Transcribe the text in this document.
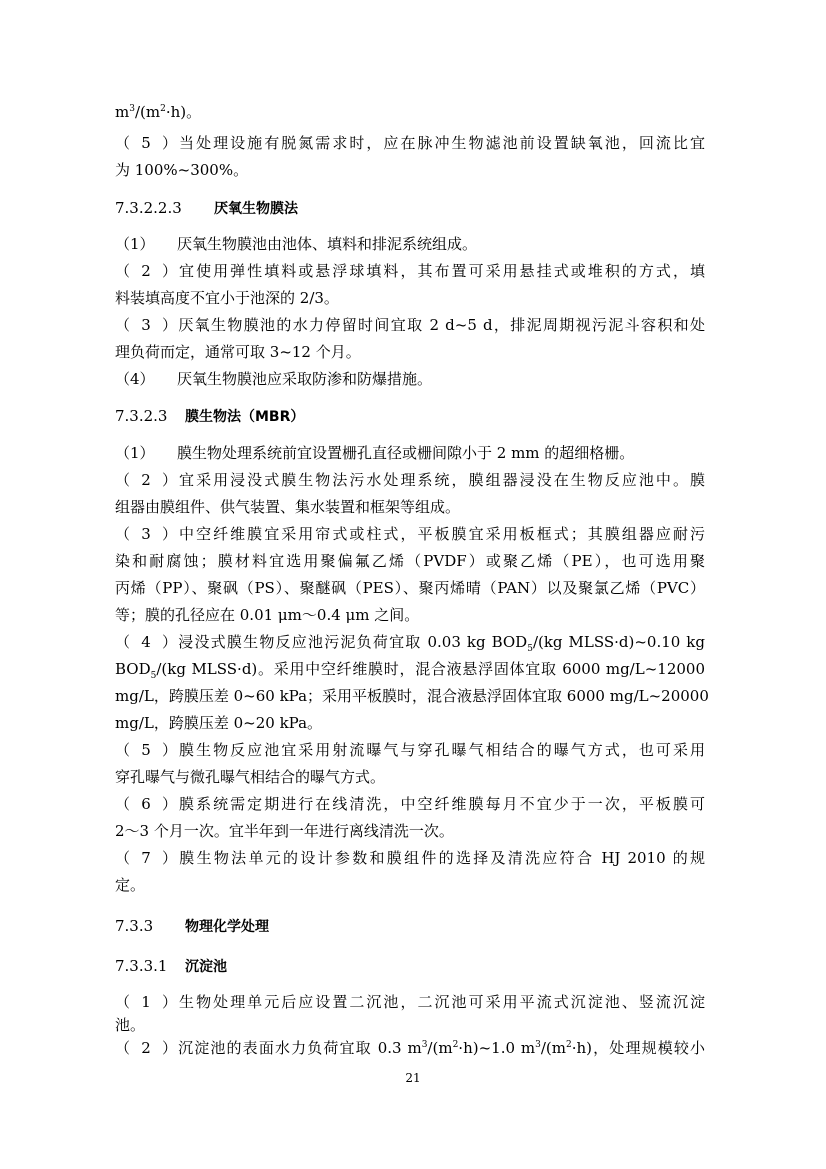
$m^3/(m^2\cdot h)$。
（5）当处理设施有脱氮需求时，应在脉冲生物滤池前设置缺氧池，回流比宜
为 100%~300%。
7.3.2.2.3 厌氧生物膜法
（1） 厌氧生物膜池由池体、填料和排泥系统组成。
（2）宜使用弹性填料或悬浮球填料，其布置可采用悬挂式或堆积的方式，填
料装填高度不宜小于池深的 2/3。
（3）厌氧生物膜池的水力停留时间宜取 2 d~5 d，排泥周期视污泥斗容积和处
理负荷而定，通常可取 3~12 个月。
（4） 厌氧生物膜池应采取防渗和防爆措施。
7.3.2.3 膜生物法（MBR）
（1） 膜生物处理系统前宜设置栅孔直径或栅间隙小于 2 mm 的超细格栅。
（2）宜采用浸没式膜生物法污水处理系统，膜组器浸没在生物反应池中。膜
组器由膜组件、供气装置、集水装置和框架等组成。
（3）中空纤维膜宜采用帘式或柱式，平板膜宜采用板框式；其膜组器应耐污
染和耐腐蚀；膜材料宜选用聚偏氟乙烯（PVDF）或聚乙烯（PE），也可选用聚
丙烯（PP）、聚砜（PS）、聚醚砜（PES）、聚丙烯晴（PAN）以及聚氯乙烯（PVC）
等；膜的孔径应在 0.01 μm～0.4 μm 之间。
（4）浸没式膜生物反应池污泥负荷宜取 0.03 kg $BOD_5/(kg$ MLSS·d)~0.10 kg
$BOD_5/(kg$ MLSS·d)。采用中空纤维膜时，混合液悬浮固体宜取 6000 mg/L~12000
mg/L，跨膜压差 0~60 kPa；采用平板膜时，混合液悬浮固体宜取 6000 mg/L~20000
mg/L，跨膜压差 0~20 kPa。
（5）膜生物反应池宜采用射流曝气与穿孔曝气相结合的曝气方式，也可采用
穿孔曝气与微孔曝气相结合的曝气方式。
（6）膜系统需定期进行在线清洗，中空纤维膜每月不宜少于一次，平板膜可
2～3 个月一次。宜半年到一年进行离线清洗一次。
（7）膜生物法单元的设计参数和膜组件的选择及清洗应符合 HJ 2010 的规
定。
7.3.3 物理化学处理
7.3.3.1 沉淀池
（1）生物处理单元后应设置二沉池，二沉池可采用平流式沉淀池、竖流沉淀
池。
（2）沉淀池的表面水力负荷宜取 0.3 $m^3/(m^2\cdot h)\sim 1.0$ $m^3/(m^2\cdot h)$，处理规模较小
21
